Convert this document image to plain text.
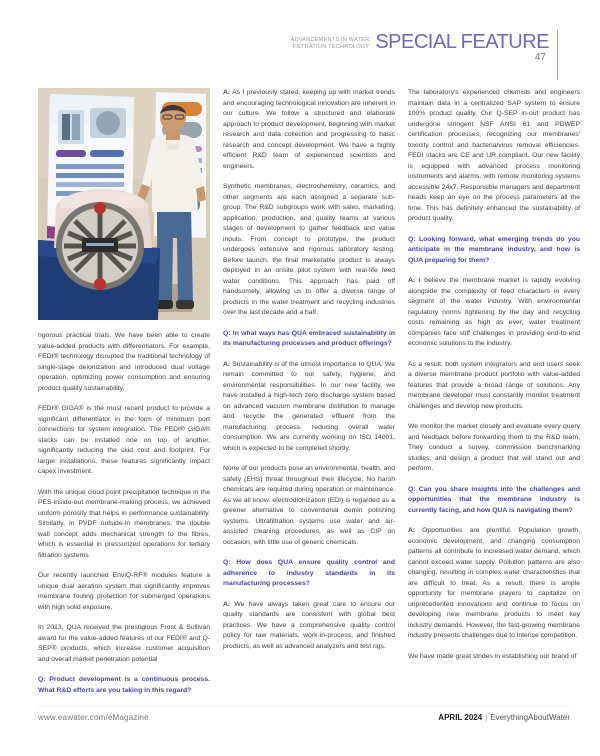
ADVANCEMENTS IN WATER
FILTRATION TECHNOLOGY SPECIAL FEATURE
47

rigorous practical trials. We have been able to create value-added products with differentiators. For example, FEDI® technology disrupted the traditional technology of single-stage deionization and introduced dual voltage operation, optimizing power consumption and ensuring product quality sustainability.

FEDI® GIGA® is the most recent product to provide a significant differentiator in the form of minimum port connections for system integration. The FEDI® GIGA® stacks can be installed one on top of another, significantly reducing the skid cost and footprint. For larger installations, these features significantly impact capex investment.

With the unique cloud point precipitation technique in the PES inside-out membrane-making process, we achieved uniform porosity that helps in performance sustainability. Similarly, in PVDF outside-in membranes, the double wall concept adds mechanical strength to the fibres, which is essential in pressurized operations for tertiary filtration systems.

Our recently launched EnviQ-RF® modules feature a unique dual aeration system that significantly improves membrane fouling protection for submerged operations with high solid exposure.

In 2013, QUA received the prestigious Frost & Sullivan award for the value-added features of our FEDI® and Q-SEP® products, which increase customer acquisition and overall market penetration potential

Q: Product development is a continuous process. What R&D efforts are you taking in this regard?

A: As I previously stated, keeping up with market trends and encouraging technological innovation are inherent in our culture. We follow a structured and elaborate approach to product development, beginning with market research and data collection and progressing to basic research and concept development. We have a highly efficient R&D team of experienced scientists and engineers.

Synthetic membranes, electrochemistry, ceramics, and other segments are each assigned a separate sub-group. The R&D subgroups work with sales, marketing, application, production, and quality teams at various stages of development to gather feedback and value inputs. From concept to prototype, the product undergoes extensive and rigorous laboratory testing. Before launch, the final marketable product is always deployed in an onsite pilot system with real-life feed water conditions. This approach has paid off handsomely, allowing us to offer a diverse range of products in the water treatment and recycling industries over the last decade and a half.

Q: In what ways has QUA embraced sustainability in its manufacturing processes and product offerings?

A: Sustainability is of the utmost importance to QUA. We remain committed to our safety, hygiene, and environmental responsibilities. In our new facility, we have installed a high-tech zero discharge system based on advanced vacuum membrane distillation to manage and recycle the generated effluent from the manufacturing process, reducing overall water consumption. We are currently working on ISO 14001, which is expected to be completed shortly.

None of our products pose an environmental, health, and safety (EHS) threat throughout their lifecycle. No harsh chemicals are required during operation or maintenance. As we all know, electrodionization (EDI) is regarded as a greener alternative to conventional demin polishing systems. Ultrafiltration systems use water and air-assisted cleaning procedures, as well as CIP on occasion, with little use of generic chemicals.

Q: How does QUA ensure quality control and adherence to industry standards in its manufacturing processes?

A: We have always taken great care to ensure our quality standards are consistent with global best practices. We have a comprehensive quality control policy for raw materials, work-in-process, and finished products, as well as advanced analyzers and test rigs.

The laboratory's experienced chemists and engineers maintain data in a centralized SAP system to ensure 100% product quality. Our Q-SEP in-out product has undergone stringent NSF ANSI 61 and PDWEP certification processes, recognizing our membranes' toxicity control and bacteria/virus removal efficiencies. FEDI stacks are CE and UR compliant. Our new facility is equipped with advanced process monitoring instruments and alarms, with remote monitoring systems accessible 24x7. Responsible managers and department heads keep an eye on the process parameters all the time. This has definitely enhanced the sustainability of product quality.

Q: Looking forward, what emerging trends do you anticipate in the membrane industry, and how is QUA preparing for them?

A: I believe the membrane market is rapidly evolving alongside the complexity of feed characters in every segment of the water industry. With environmental regulatory norms tightening by the day and recycling costs remaining as high as ever, water treatment companies face stiff challenges in providing end-to-end economic solutions to the industry.

As a result, both system integrators and end users seek a diverse membrane product portfolio with value-added features that provide a broad range of solutions. Any membrane developer must constantly monitor treatment challenges and develop new products.

We monitor the market closely and evaluate every query and feedback before forwarding them to the R&D team. They conduct a survey, commission benchmarking studies, and design a product that will stand out and perform.

Q: Can you share insights into the challenges and opportunities that the membrane industry is currently facing, and how QUA is navigating them?

A: Opportunities are plentiful. Population growth, economic development, and changing consumption patterns all contribute to increased water demand, which cannot exceed water supply. Pollution patterns are also changing, resulting in complex water characteristics that are difficult to treat. As a result, there is ample opportunity for membrane players to capitalize on unprecedented innovations and continue to focus on developing new membrane products to meet key industry demands. However, the fast-growing membrane industry presents challenges due to intense competition.

We have made great strides in establishing our brand of

www.eawater.com/eMagazine	APRIL 2024 | EverythingAboutWater
